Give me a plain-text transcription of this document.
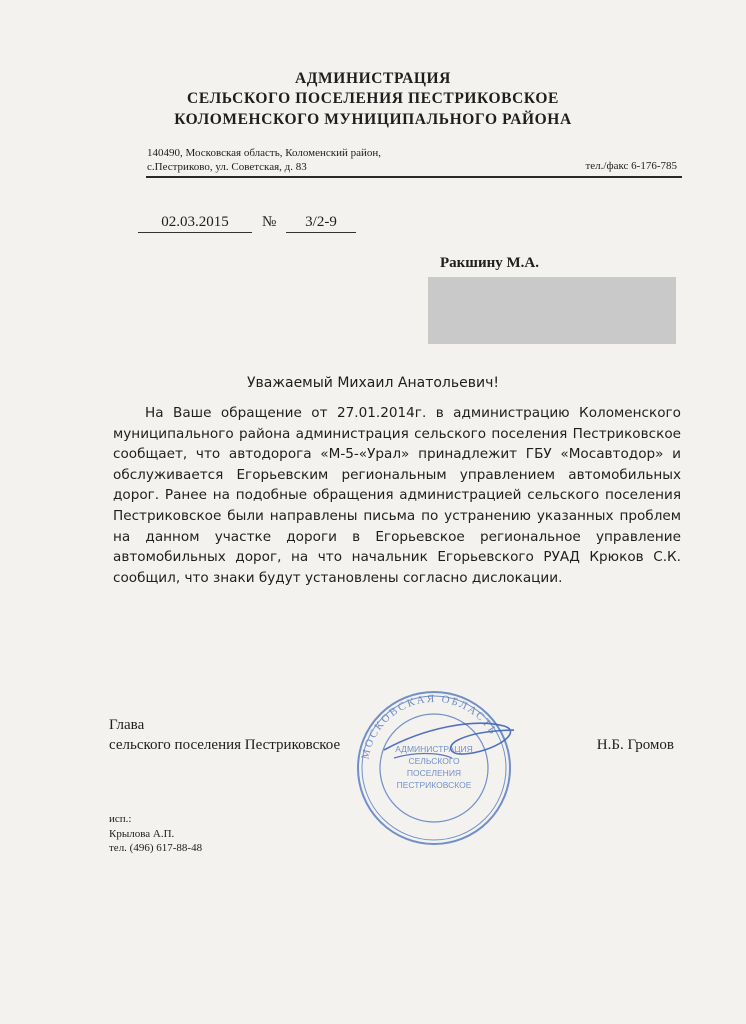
АДМИНИСТРАЦИЯ
СЕЛЬСКОГО ПОСЕЛЕНИЯ ПЕСТРИКОВСКОЕ
КОЛОМЕНСКОГО МУНИЦИПАЛЬНОГО РАЙОНА
140490, Московская область, Коломенский район,
с.Пестриково, ул. Советская, д. 83	тел./факс 6-176-785
02.03.2015	№	3/2-9
Ракшину М.А.
Уважаемый Михаил Анатольевич!

На Ваше обращение от 27.01.2014г. в администрацию Коломенского муниципального района администрация сельского поселения Пестриковское сообщает, что автодорога «М-5-«Урал» принадлежит ГБУ «Мосавтодор» и обслуживается Егорьевским региональным управлением автомобильных дорог. Ранее на подобные обращения администрацией сельского поселения Пестриковское были направлены письма по устранению указанных проблем на данном участке дороги в Егорьевское региональное управление автомобильных дорог, на что начальник Егорьевского РУАД Крюков С.К. сообщил, что знаки будут установлены согласно дислокации.

Глава
сельского поселения Пестриковское	Н.Б. Громов
МОСКОВСКАЯ ОБЛАСТЬ
АДМИНИСТРАЦИЯ
СЕЛЬСКОГО
ПОСЕЛЕНИЯ
ПЕСТРИКОВСКОЕ
исп.:
Крылова А.П.
тел. (496) 617-88-48
